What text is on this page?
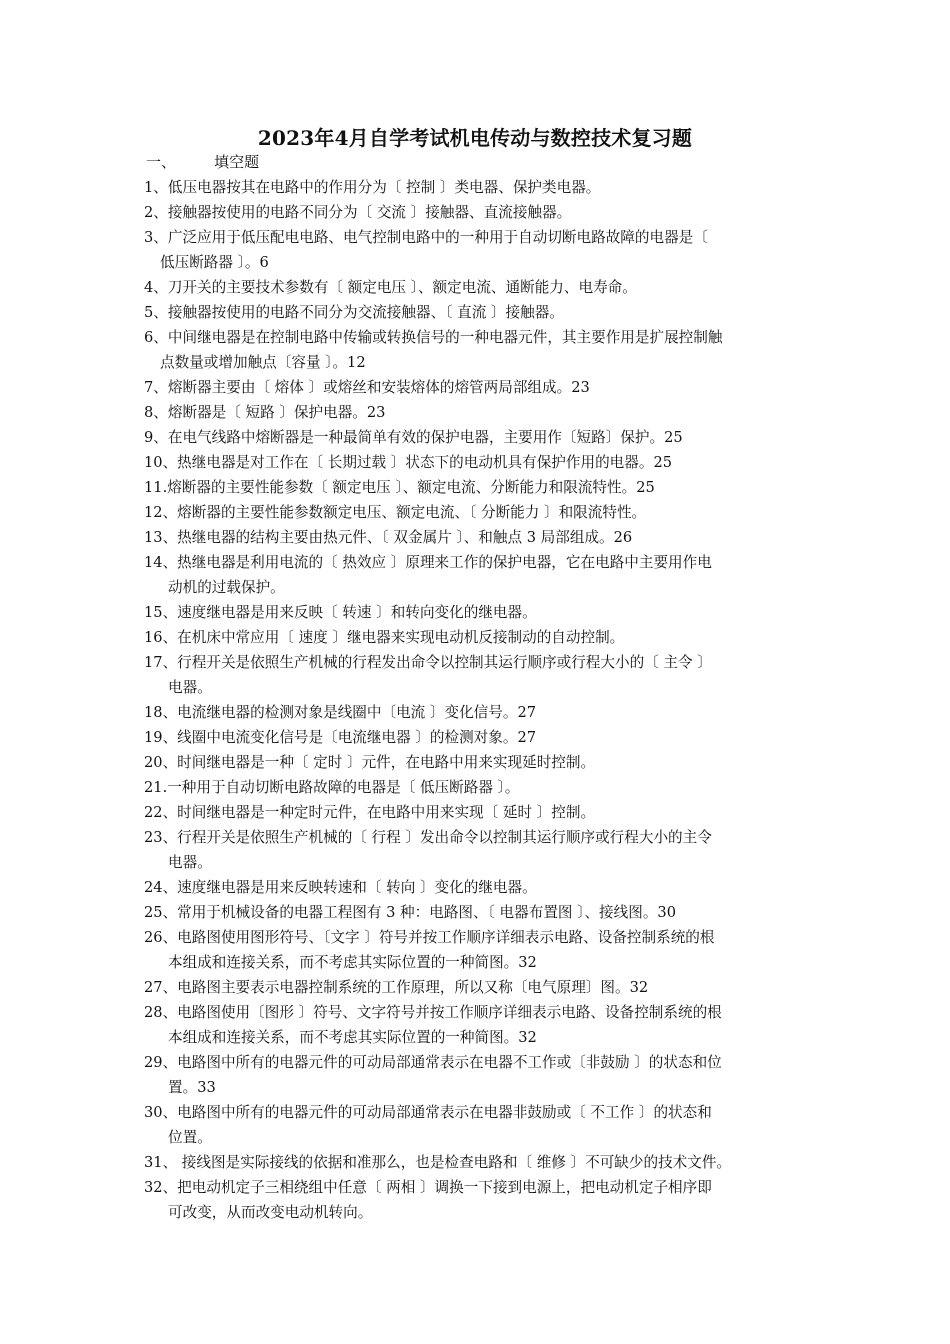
2023年4月自学考试机电传动与数控技术复习题
一、        填空题
1、低压电器按其在电路中的作用分为〔 控制 〕类电器、保护类电器。
2、接触器按使用的电路不同分为〔 交流 〕接触器、直流接触器。
3、广泛应用于低压配电电路、电气控制电路中的一种用于自动切断电路故障的电器是〔
低压断路器 〕。6
4、刀开关的主要技术参数有〔 额定电压 〕、额定电流、通断能力、电寿命。
5、接触器按使用的电路不同分为交流接触器、〔 直流 〕接触器。
6、中间继电器是在控制电路中传输或转换信号的一种电器元件，其主要作用是扩展控制触
点数量或增加触点〔容量 〕。12
7、熔断器主要由〔 熔体 〕或熔丝和安装熔体的熔管两局部组成。23
8、熔断器是〔 短路 〕保护电器。23
9、在电气线路中熔断器是一种最简单有效的保护电器，主要用作〔短路〕保护。25
10、热继电器是对工作在〔 长期过载 〕状态下的电动机具有保护作用的电器。25
11.熔断器的主要性能参数〔 额定电压 〕、额定电流、分断能力和限流特性。25
12、熔断器的主要性能参数额定电压、额定电流、〔 分断能力 〕和限流特性。
13、热继电器的结构主要由热元件、〔 双金属片 〕、和触点 3 局部组成。26
14、热继电器是利用电流的〔 热效应 〕原理来工作的保护电器，它在电路中主要用作电
动机的过载保护。
15、速度继电器是用来反映〔 转速 〕和转向变化的继电器。
16、在机床中常应用〔 速度 〕继电器来实现电动机反接制动的自动控制。
17、行程开关是依照生产机械的行程发出命令以控制其运行顺序或行程大小的〔 主令 〕
电器。
18、电流继电器的检测对象是线圈中〔电流 〕变化信号。27
19、线圈中电流变化信号是〔电流继电器 〕的检测对象。27
20、时间继电器是一种〔 定时 〕元件，在电路中用来实现延时控制。
21.一种用于自动切断电路故障的电器是〔 低压断路器 〕。
22、时间继电器是一种定时元件，在电路中用来实现〔 延时 〕控制。
23、行程开关是依照生产机械的〔 行程 〕发出命令以控制其运行顺序或行程大小的主令
电器。
24、速度继电器是用来反映转速和〔 转向 〕变化的继电器。
25、常用于机械设备的电器工程图有 3 种：电路图、〔 电器布置图 〕、接线图。30
26、电路图使用图形符号、〔文字 〕符号并按工作顺序详细表示电路、设备控制系统的根
本组成和连接关系，而不考虑其实际位置的一种简图。32
27、电路图主要表示电器控制系统的工作原理，所以又称〔电气原理〕图。32
28、电路图使用〔图形 〕符号、文字符号并按工作顺序详细表示电路、设备控制系统的根
本组成和连接关系，而不考虑其实际位置的一种简图。32
29、电路图中所有的电器元件的可动局部通常表示在电器不工作或〔非鼓励 〕的状态和位
置。33
30、电路图中所有的电器元件的可动局部通常表示在电器非鼓励或〔 不工作 〕的状态和
位置。
31、 接线图是实际接线的依据和准那么，也是检查电路和〔 维修 〕不可缺少的技术文件。
32、把电动机定子三相绕组中任意〔 两相 〕调换一下接到电源上，把电动机定子相序即
可改变，从而改变电动机转向。
